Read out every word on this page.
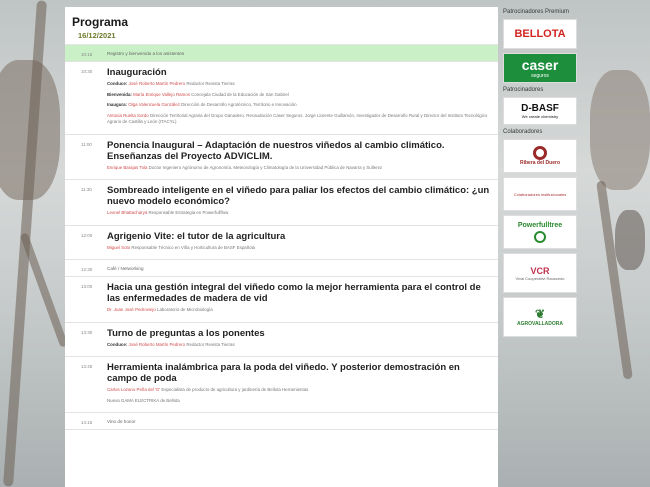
Programa
16/12/2021
10:15	Registro y bienvenida a los asistentes
10:30	Inauguración
Conduce: José Roberto Martín Pedrero Redactor Revista Tierras
Bienvenida: María Enrique Vallejo Ramos Concejala Ciudad de la Educación de San Gabriel
Inaugura: Olga Valenzuela González Dirección de Desarrollo Agrotécnico, Territorio e Innovación
Antonia Ruelta Sordo Dirección Territorial Agraria del Grupo Ganadero, Recaudación Caser Seguros. Jorge Llorente Guillamón, Investigador de Desarrollo Rural y Director del Instituto Tecnológico Agrario de Castilla y León (ITACYL)
11:00	Ponencia Inaugural – Adaptación de nuestros viñedos al cambio climático. Enseñanzas del Proyecto ADVICLIM.
Enrique Barajas Tola Doctor Ingeniero Agrónomo de Agronomía, Meteorología y Climatología de la Universidad Pública de Navarra y Sullerez
11:30	Sombreado inteligente en el viñedo para paliar los efectos del cambio climático: ¿un nuevo modelo económico?
Leonel Bhattacharya Responsable Estrategia en Powerfullflow
12:00	Agrigenio Vite: el tutor de la agricultura
Miguel Soto Responsable Técnico en Viña y Horticultura de BASF Española
12:30	Café / Networking
13:00	Hacia una gestión integral del viñedo como la mejor herramienta para el control de las enfermedades de madera de vid
Dr. Juan José Pedroviejo Laboratorio de Microbiología
13:30	Turno de preguntas a los ponentes
Conduce: José Roberto Martín Pedrero Redactor Revista Tierras
13:45	Herramienta inalámbrica para la poda del viñedo. Y posterior demostración en campo de poda
Carlos Lozano Peña del 'G' Especialista de producto de agricultura y jardinería de Bellota Herramientas
Nueva GAMA ELECTRIKA de Bellota
14:15	Vino de honor
Patrocinadores Premium
BELLOTA
caser
seguros
Patrocinadores
D-BASF
We create chemistry
Colaboradores
Ribera del Duero
Colaboradores institucionales
Powerfulltree
VCR
Vivai Cooperativi Rauscedo
❦
AGROVALLADORA
